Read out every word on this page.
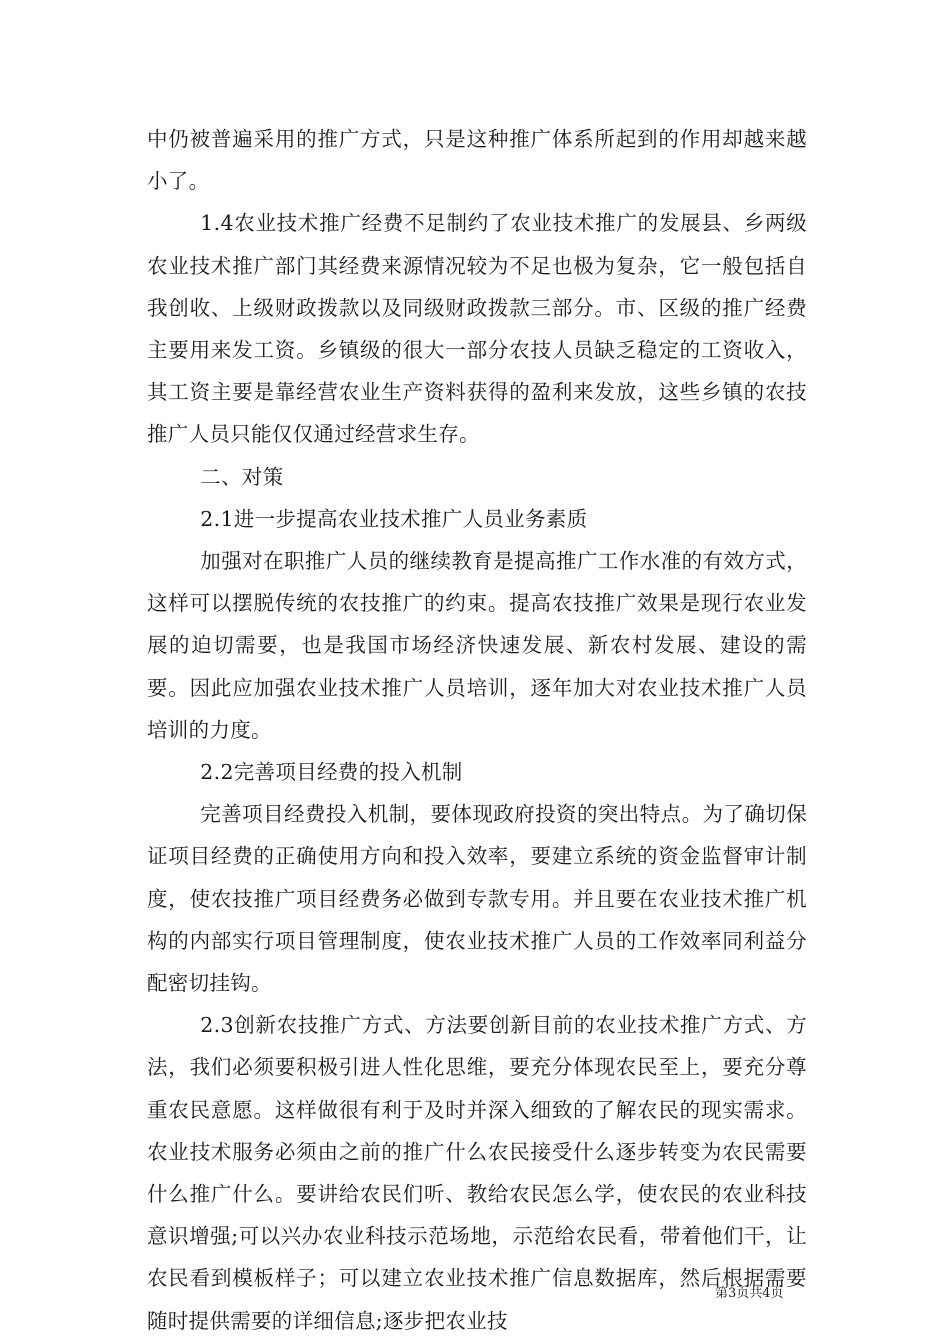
中仍被普遍采用的推广方式，只是这种推广体系所起到的作用却越来越小了。

1.4农业技术推广经费不足制约了农业技术推广的发展县、乡两级农业技术推广部门其经费来源情况较为不足也极为复杂，它一般包括自我创收、上级财政拨款以及同级财政拨款三部分。市、区级的推广经费主要用来发工资。乡镇级的很大一部分农技人员缺乏稳定的工资收入，其工资主要是靠经营农业生产资料获得的盈利来发放，这些乡镇的农技推广人员只能仅仅通过经营求生存。

二、对策

2.1进一步提高农业技术推广人员业务素质

加强对在职推广人员的继续教育是提高推广工作水准的有效方式，这样可以摆脱传统的农技推广的约束。提高农技推广效果是现行农业发展的迫切需要，也是我国市场经济快速发展、新农村发展、建设的需要。因此应加强农业技术推广人员培训，逐年加大对农业技术推广人员培训的力度。

2.2完善项目经费的投入机制

完善项目经费投入机制，要体现政府投资的突出特点。为了确切保证项目经费的正确使用方向和投入效率，要建立系统的资金监督审计制度，使农技推广项目经费务必做到专款专用。并且要在农业技术推广机构的内部实行项目管理制度，使农业技术推广人员的工作效率同利益分配密切挂钩。

2.3创新农技推广方式、方法要创新目前的农业技术推广方式、方法，我们必须要积极引进人性化思维，要充分体现农民至上，要充分尊重农民意愿。这样做很有利于及时并深入细致的了解农民的现实需求。农业技术服务必须由之前的推广什么农民接受什么逐步转变为农民需要什么推广什么。要讲给农民们听、教给农民怎么学，使农民的农业科技意识增强;可以兴办农业科技示范场地，示范给农民看，带着他们干，让农民看到模板样子；可以建立农业技术推广信息数据库，然后根据需要随时提供需要的详细信息;逐步把农业技

第3页共4页
